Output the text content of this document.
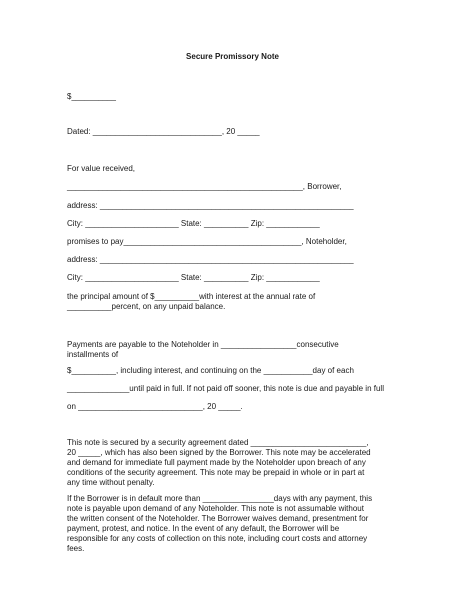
Secure Promissory Note
$__________
Dated: _____________________________, 20 _____
For value received,
_____________________________________________________, Borrower,
address: _________________________________________________________
City: _____________________ State: __________ Zip: ____________
promises to pay________________________________________, Noteholder,
address: _________________________________________________________
City: _____________________ State: __________ Zip: ____________
the principal amount of $__________with interest at the annual rate of
__________percent, on any unpaid balance.
Payments are payable to the Noteholder in _________________consecutive
installments of
$__________, including interest, and continuing on the ___________day of each
______________until paid in full. If not paid off sooner, this note is due and payable in full
on ____________________________, 20 _____.
This note is secured by a security agreement dated __________________________,
20 _____, which has also been signed by the Borrower. This note may be accelerated
and demand for immediate full payment made by the Noteholder upon breach of any
conditions of the security agreement. This note may be prepaid in whole or in part at
any time without penalty.
If the Borrower is in default more than ________________days with any payment, this
note is payable upon demand of any Noteholder. This note is not assumable without
the written consent of the Noteholder. The Borrower waives demand, presentment for
payment, protest, and notice. In the event of any default, the Borrower will be
responsible for any costs of collection on this note, including court costs and attorney
fees.
